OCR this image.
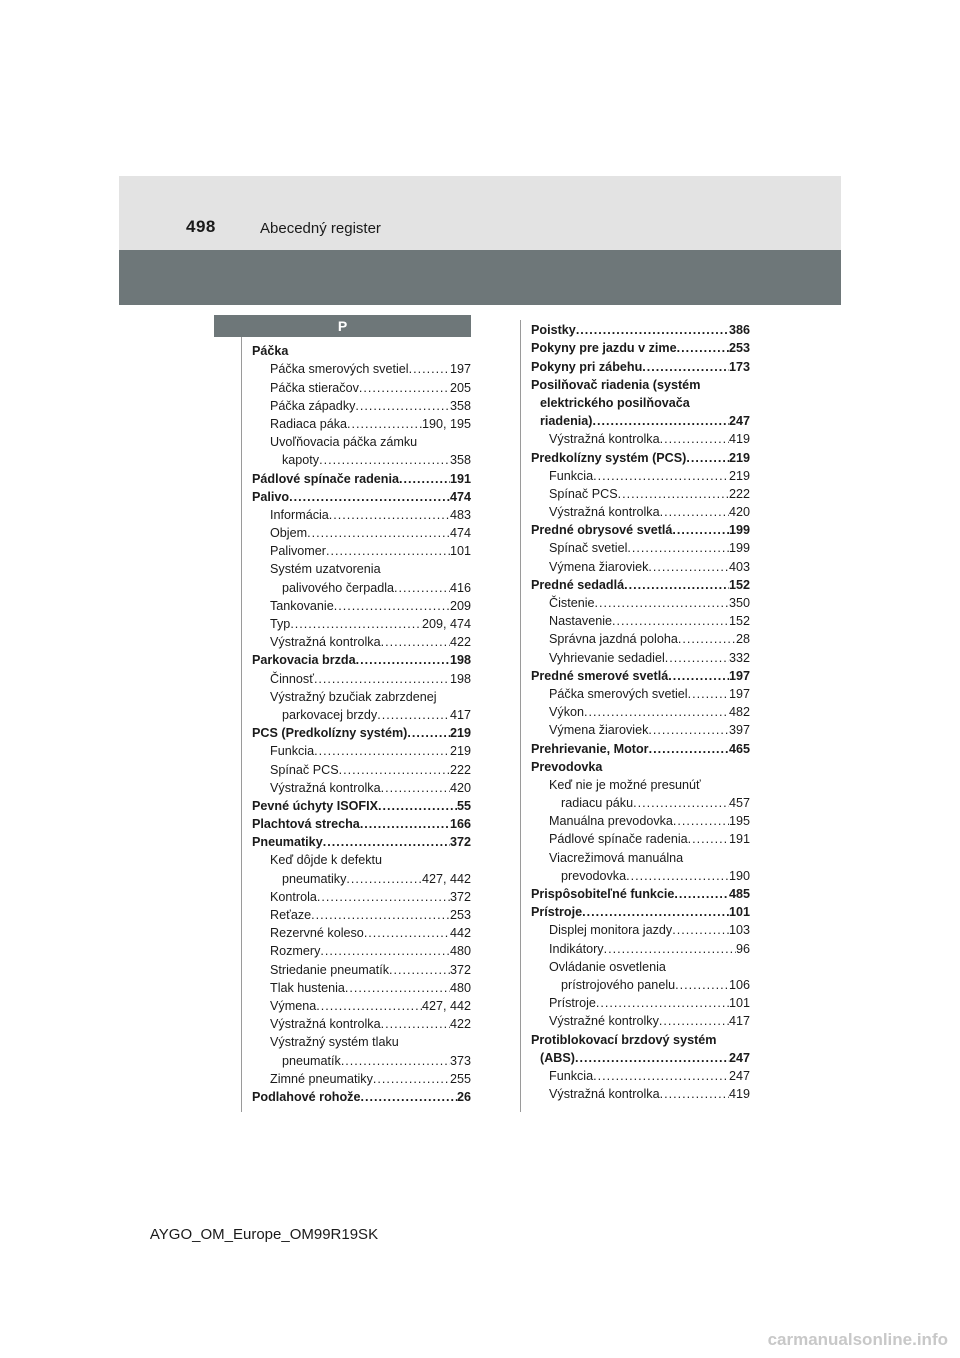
498	Abecedný register
P
Páčka
Páčka smerových svetiel .....	197
Páčka stieračov .....	205
Páčka západky .....	358
Radiaca páka .....	190, 195
Uvoľňovacia páčka zámku
kapoty .....	358
Pádlové spínače radenia .....	191
Palivo .....	474
Informácia .....	483
Objem .....	474
Palivomer .....	101
Systém uzatvorenia
palivového čerpadla .....	416
Tankovanie .....	209
Typ .....	209, 474
Výstražná kontrolka .....	422
Parkovacia brzda .....	198
Činnosť .....	198
Výstražný bzučiak zabrzdenej
parkovacej brzdy .....	417
PCS (Predkolízny systém) .....	219
Funkcia .....	219
Spínač PCS .....	222
Výstražná kontrolka .....	420
Pevné úchyty ISOFIX .....	55
Plachtová strecha .....	166
Pneumatiky .....	372
Keď dôjde k defektu
pneumatiky .....	427, 442
Kontrola .....	372
Reťaze .....	253
Rezervné koleso .....	442
Rozmery .....	480
Striedanie pneumatík .....	372
Tlak hustenia .....	480
Výmena .....	427, 442
Výstražná kontrolka .....	422
Výstražný systém tlaku
pneumatík .....	373
Zimné pneumatiky .....	255
Podlahové rohože .....	26
Poistky .....	386
Pokyny pre jazdu v zime .....	253
Pokyny pri zábehu .....	173
Posilňovač riadenia (systém
elektrického posilňovača
riadenia) .....	247
Výstražná kontrolka .....	419
Predkolízny systém (PCS) .....	219
Funkcia .....	219
Spínač PCS .....	222
Výstražná kontrolka .....	420
Predné obrysové svetlá .....	199
Spínač svetiel .....	199
Výmena žiaroviek .....	403
Predné sedadlá .....	152
Čistenie .....	350
Nastavenie .....	152
Správna jazdná poloha .....	28
Vyhrievanie sedadiel .....	332
Predné smerové svetlá .....	197
Páčka smerových svetiel .....	197
Výkon .....	482
Výmena žiaroviek .....	397
Prehrievanie, Motor .....	465
Prevodovka
Keď nie je možné presunúť
radiacu páku .....	457
Manuálna prevodovka .....	195
Pádlové spínače radenia .....	191
Viacrežimová manuálna
prevodovka .....	190
Prispôsobiteľné funkcie .....	485
Prístroje .....	101
Displej monitora jazdy .....	103
Indikátory .....	96
Ovládanie osvetlenia
prístrojového panelu .....	106
Prístroje .....	101
Výstražné kontrolky .....	417
Protiblokovací brzdový systém
(ABS) .....	247
Funkcia .....	247
Výstražná kontrolka .....	419
AYGO_OM_Europe_OM99R19SK
carmanualsonline.info
